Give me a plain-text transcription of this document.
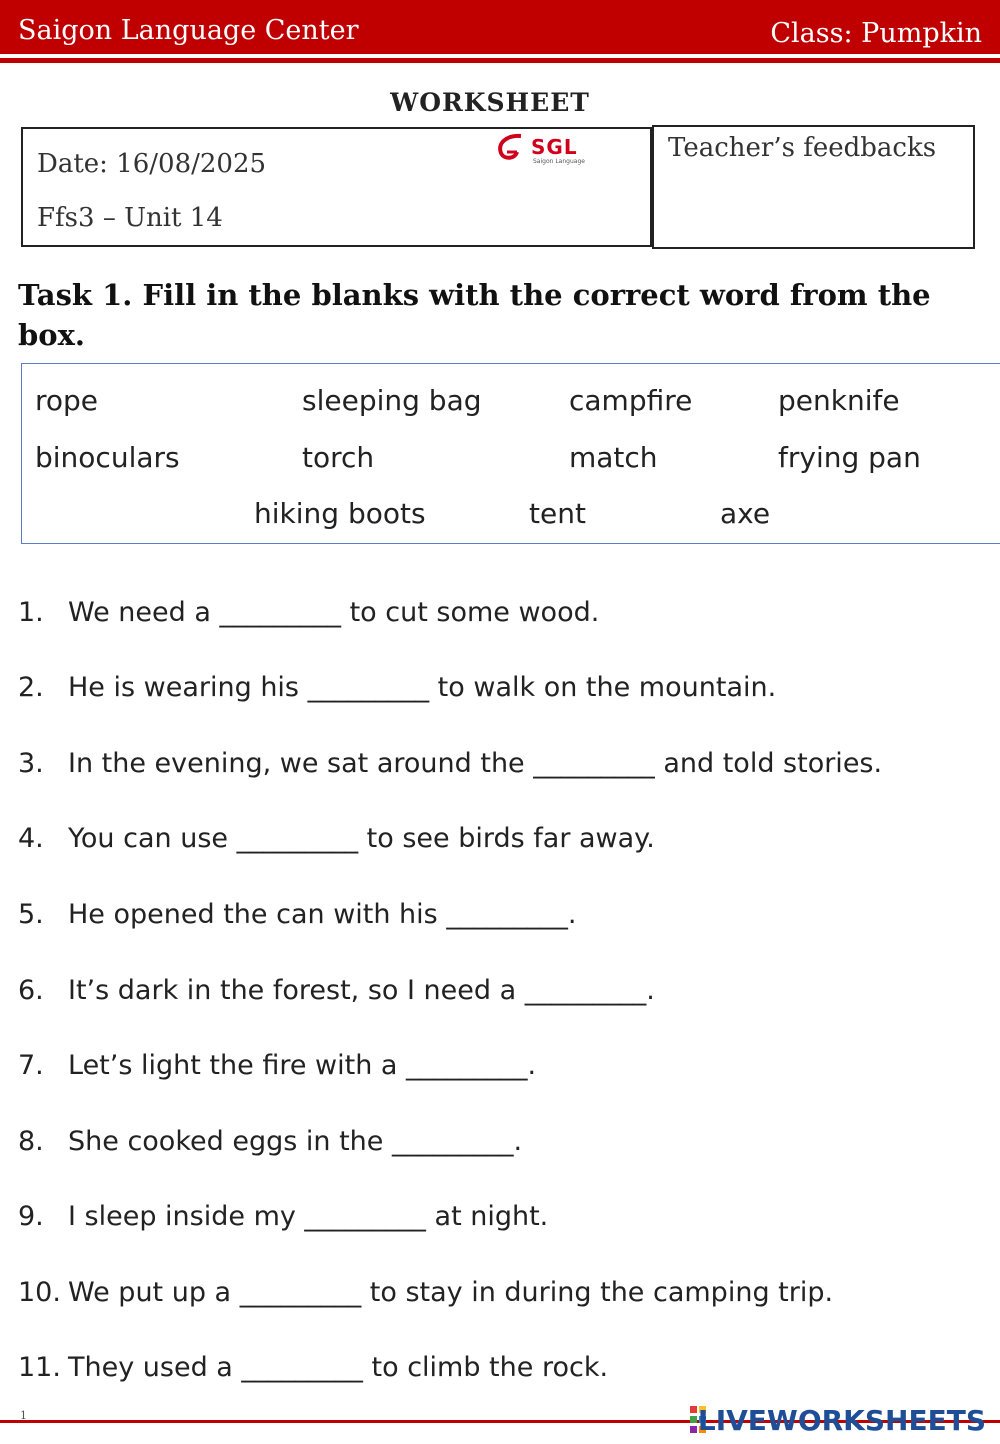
Saigon Language Center	Class: Pumpkin
WORKSHEET
Date: 16/08/2025
Ffs3 – Unit 14
SGL
Saigon Language	Teacher’s feedbacks
Task 1. Fill in the blanks with the correct word from the box.
rope	sleeping bag	campfire	penknife
binoculars	torch	match	frying pan
hiking boots	tent	axe
1. We need a _________ to cut some wood.
2. He is wearing his _________ to walk on the mountain.
3. In the evening, we sat around the _________ and told stories.
4. You can use _________ to see birds far away.
5. He opened the can with his _________.
6. It’s dark in the forest, so I need a _________.
7. Let’s light the fire with a _________.
8. She cooked eggs in the _________.
9. I sleep inside my _________ at night.
10. We put up a _________ to stay in during the camping trip.
11. They used a _________ to climb the rock.
1	LIVEWORKSHEETS
